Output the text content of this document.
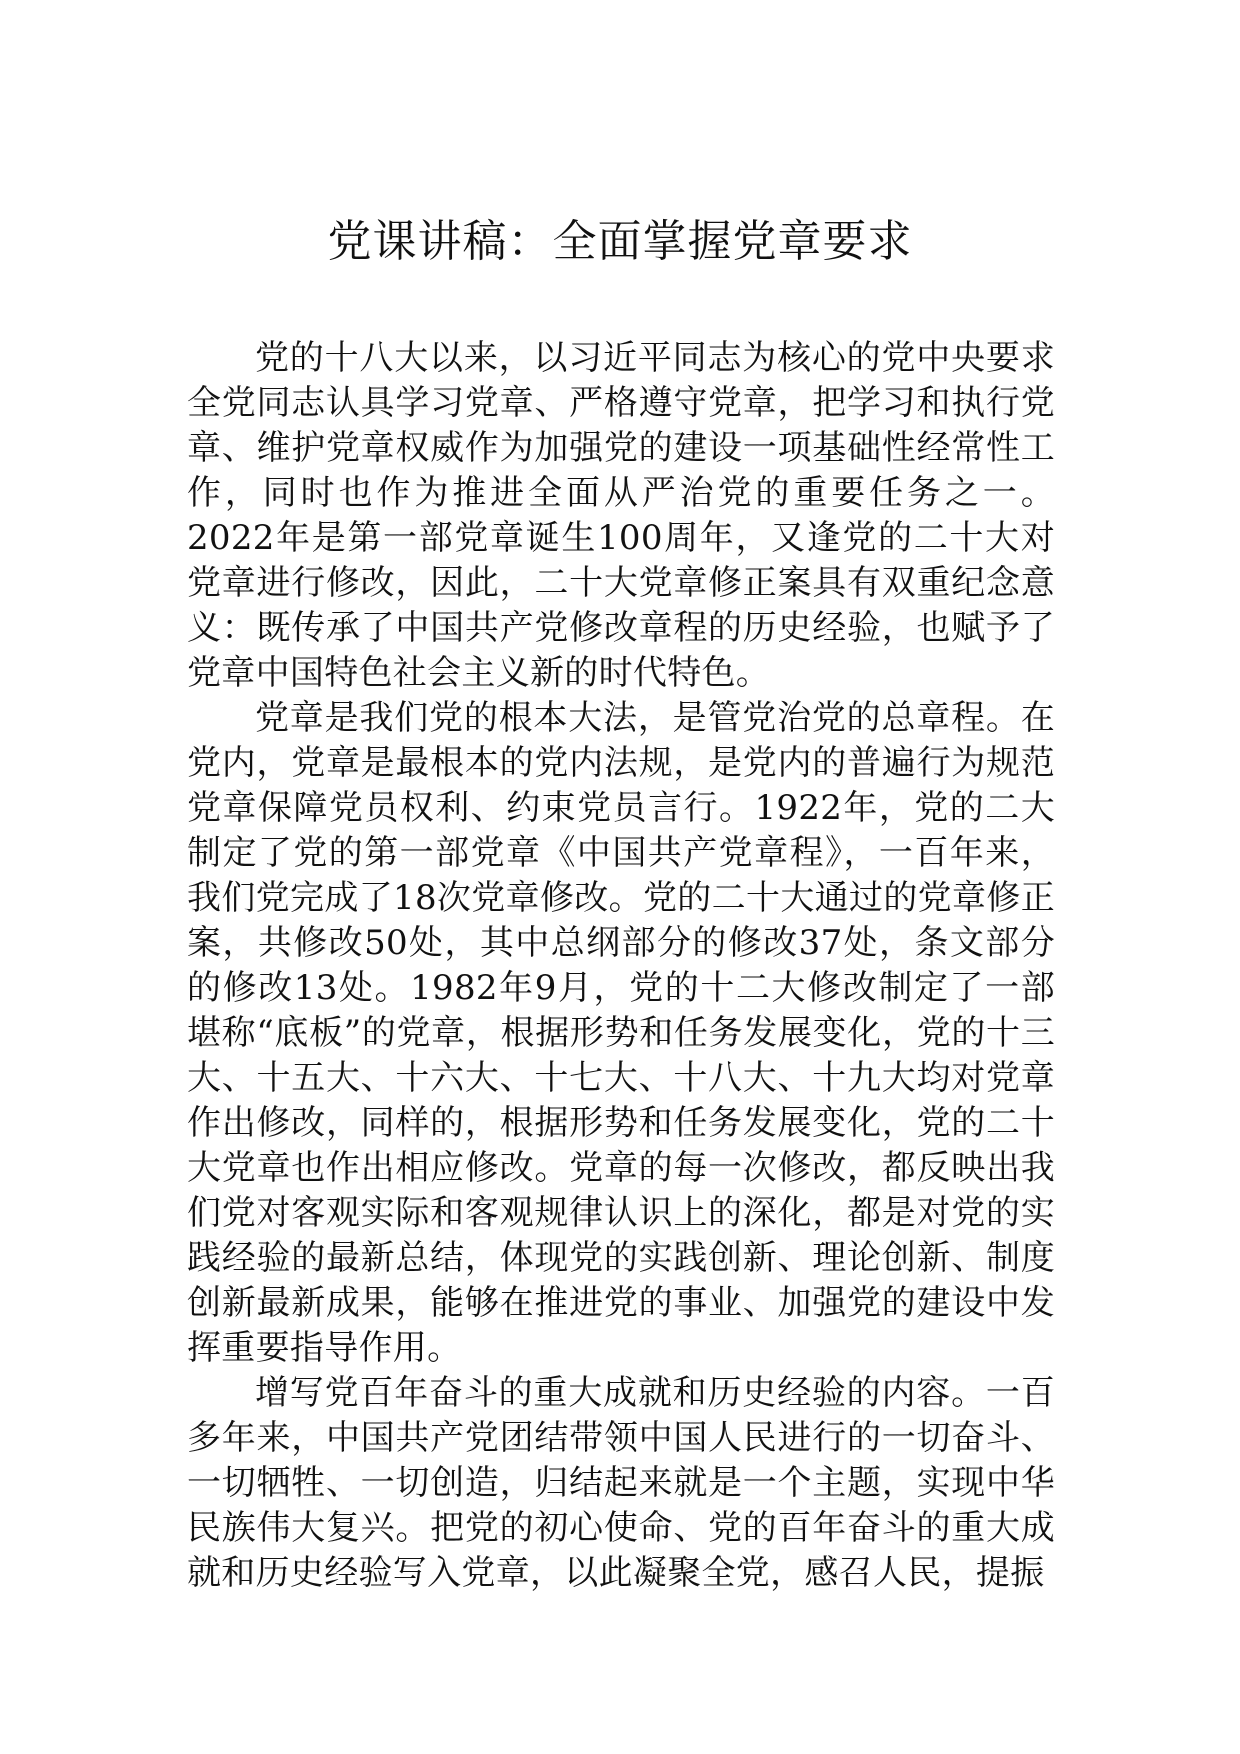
党课讲稿：全面掌握党章要求

党的十八大以来，以习近平同志为核心的党中央要求全党同志认具学习党章、严格遵守党章，把学习和执行党章、维护党章权威作为加强党的建设一项基础性经常性工作，同时也作为推进全面从严治党的重要任务之一。2022年是第一部党章诞生100周年，又逢党的二十大对党章进行修改，因此，二十大党章修正案具有双重纪念意义：既传承了中国共产党修改章程的历史经验，也赋予了党章中国特色社会主义新的时代特色。

党章是我们党的根本大法，是管党治党的总章程。在党内，党章是最根本的党内法规，是党内的普遍行为规范党章保障党员权利、约束党员言行。1922年，党的二大制定了党的第一部党章《中国共产党章程》，一百年来，我们党完成了18次党章修改。党的二十大通过的党章修正案，共修改50处，其中总纲部分的修改37处，条文部分的修改13处。1982年9月，党的十二大修改制定了一部堪称“底板”的党章，根据形势和任务发展变化，党的十三大、十五大、十六大、十七大、十八大、十九大均对党章作出修改，同样的，根据形势和任务发展变化，党的二十大党章也作出相应修改。党章的每一次修改，都反映出我们党对客观实际和客观规律认识上的深化，都是对党的实践经验的最新总结，体现党的实践创新、理论创新、制度创新最新成果，能够在推进党的事业、加强党的建设中发挥重要指导作用。

增写党百年奋斗的重大成就和历史经验的内容。一百多年来，中国共产党团结带领中国人民进行的一切奋斗、一切牺牲、一切创造，归结起来就是一个主题，实现中华民族伟大复兴。把党的初心使命、党的百年奋斗的重大成就和历史经验写入党章，以此凝聚全党，感召人民，提振
